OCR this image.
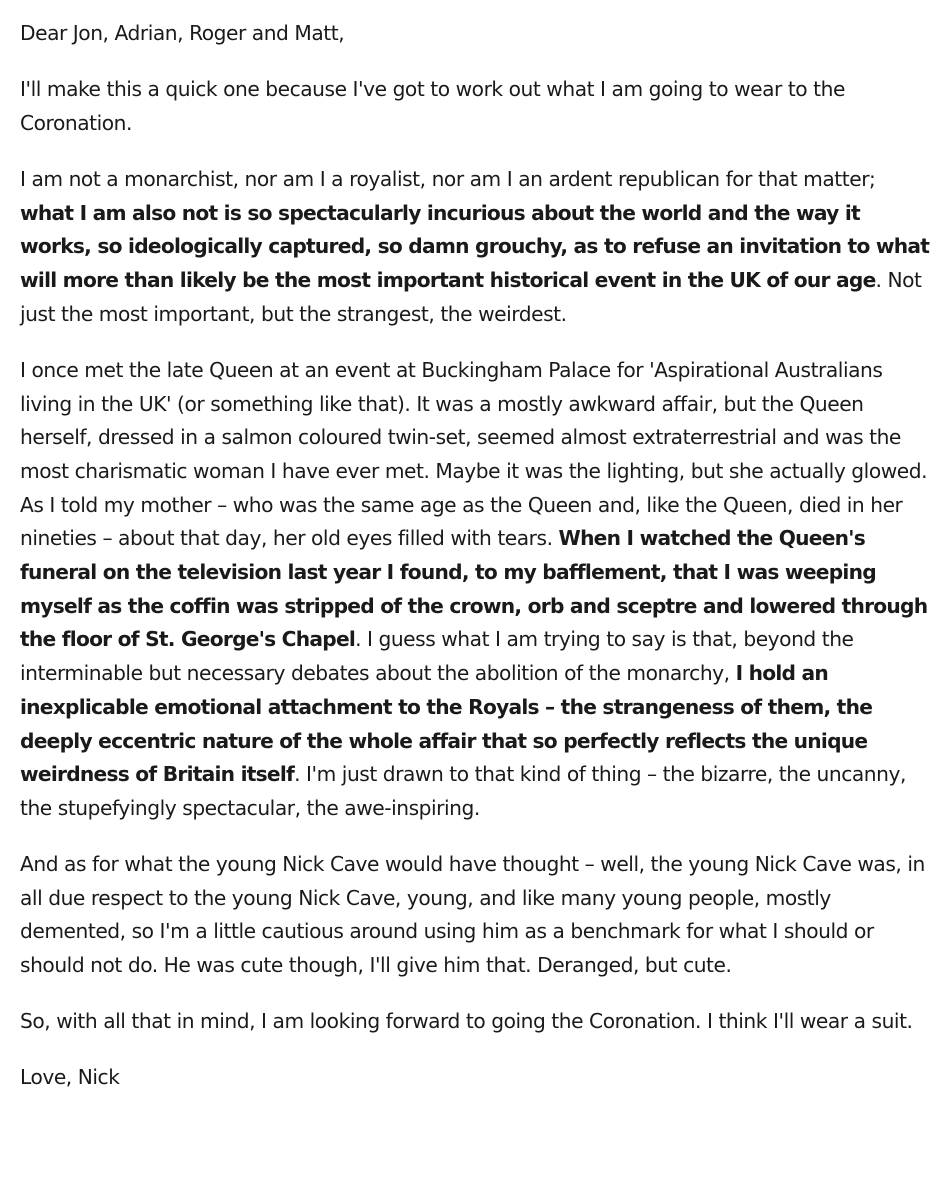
Dear Jon, Adrian, Roger and Matt,

I'll make this a quick one because I've got to work out what I am going to wear to the Coronation.

I am not a monarchist, nor am I a royalist, nor am I an ardent republican for that matter; what I am also not is so spectacularly incurious about the world and the way it works, so ideologically captured, so damn grouchy, as to refuse an invitation to what will more than likely be the most important historical event in the UK of our age. Not just the most important, but the strangest, the weirdest.

I once met the late Queen at an event at Buckingham Palace for 'Aspirational Australians living in the UK' (or something like that). It was a mostly awkward affair, but the Queen herself, dressed in a salmon coloured twin-set, seemed almost extraterrestrial and was the most charismatic woman I have ever met. Maybe it was the lighting, but she actually glowed. As I told my mother – who was the same age as the Queen and, like the Queen, died in her nineties – about that day, her old eyes filled with tears. When I watched the Queen's funeral on the television last year I found, to my bafflement, that I was weeping myself as the coffin was stripped of the crown, orb and sceptre and lowered through the floor of St. George's Chapel. I guess what I am trying to say is that, beyond the interminable but necessary debates about the abolition of the monarchy, I hold an inexplicable emotional attachment to the Royals – the strangeness of them, the deeply eccentric nature of the whole affair that so perfectly reflects the unique weirdness of Britain itself. I'm just drawn to that kind of thing – the bizarre, the uncanny, the stupefyingly spectacular, the awe-inspiring.

And as for what the young Nick Cave would have thought – well, the young Nick Cave was, in all due respect to the young Nick Cave, young, and like many young people, mostly demented, so I'm a little cautious around using him as a benchmark for what I should or should not do. He was cute though, I'll give him that. Deranged, but cute.

So, with all that in mind, I am looking forward to going the Coronation. I think I'll wear a suit.

Love, Nick
